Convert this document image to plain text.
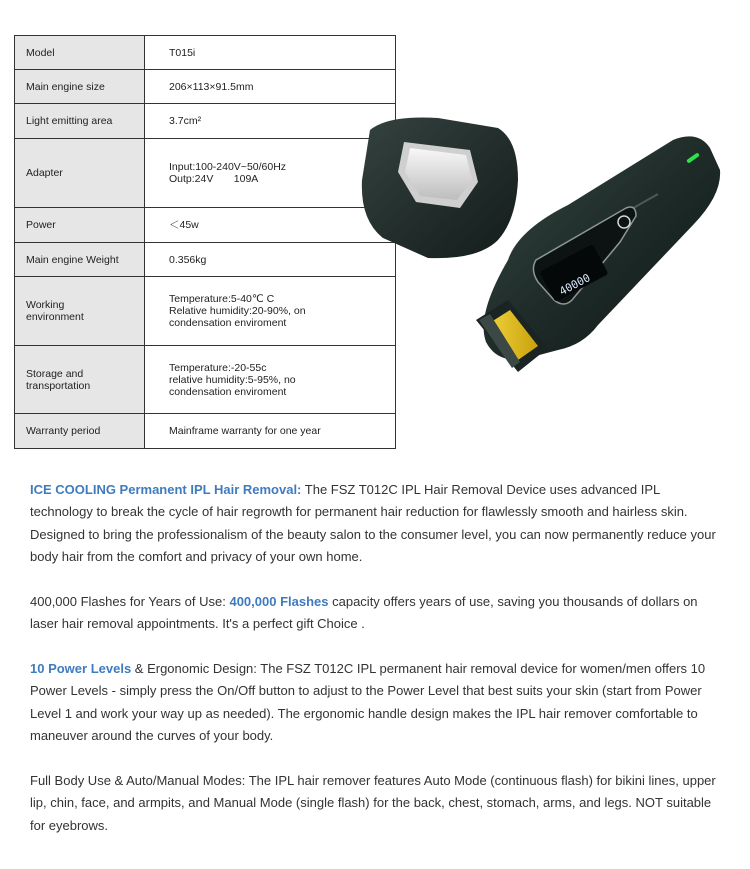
Model	T015i

Main engine size	206×113×91.5mm

Light emitting area	3.7cm²

Adapter	Input:100-240V~50/60Hz
Outp:24V       109A

Power	＜45w

Main engine Weight	0.356kg

Working
environment	Temperature:5-40℃ C
Relative humidity:20-90%, on
condensation enviroment

Storage and
transportation	Temperature:-20-55c
relative humidity:5-95%, no
condensation enviroment

Warranty period	Mainframe warranty for one year
40000

ICE COOLING Permanent IPL Hair Removal: The FSZ T012C IPL Hair Removal Device uses advanced IPL technology to break the cycle of hair regrowth for permanent hair reduction for flawlessly smooth and hairless skin. Designed to bring the professionalism of the beauty salon to the consumer level, you can now permanently reduce your body hair from the comfort and privacy of your own home.

400,000 Flashes for Years of Use: 400,000 Flashes capacity offers years of use, saving you thousands of dollars on laser hair removal appointments. It's a perfect gift Choice .

10 Power Levels & Ergonomic Design: The FSZ T012C IPL permanent hair removal device for women/men offers 10 Power Levels - simply press the On/Off button to adjust to the Power Level that best suits your skin (start from Power Level 1 and work your way up as needed). The ergonomic handle design makes the IPL hair remover comfortable to maneuver around the curves of your body.

Full Body Use & Auto/Manual Modes: The IPL hair remover features Auto Mode (continuous flash) for bikini lines, upper lip, chin, face, and armpits, and Manual Mode (single flash) for the back, chest, stomach, arms, and legs. NOT suitable for eyebrows.
